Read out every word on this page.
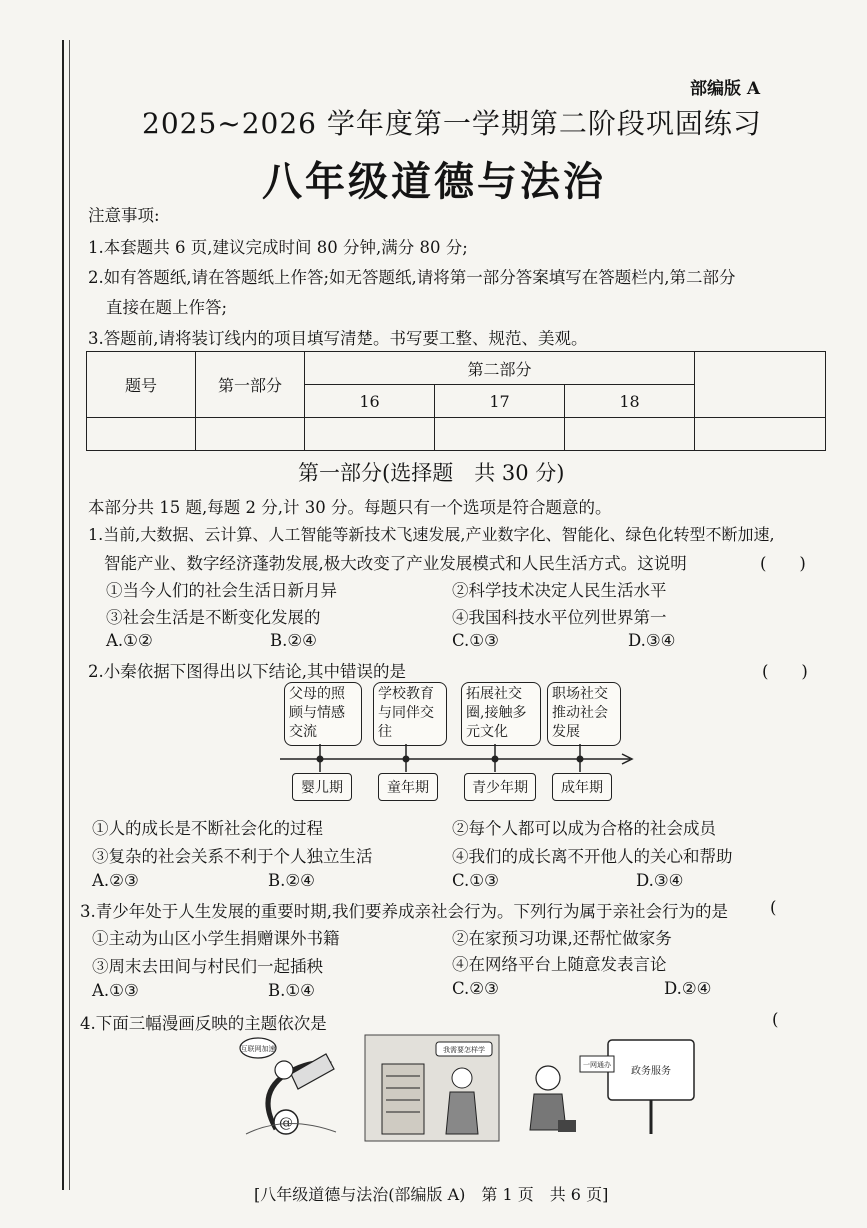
部编版 A
2025~2026 学年度第一学期第二阶段巩固练习
八年级道德与法治
注意事项:
1.本套题共 6 页,建议完成时间 80 分钟,满分 80 分;
2.如有答题纸,请在答题纸上作答;如无答题纸,请将第一部分答案填写在答题栏内,第二部分
直接在题上作答;
3.答题前,请将装订线内的项目填写清楚。书写要工整、规范、美观。
题号	第一部分	第二部分			
		16	17	18	

第一部分(选择题　共 30 分)
本部分共 15 题,每题 2 分,计 30 分。每题只有一个选项是符合题意的。
1.当前,大数据、云计算、人工智能等新技术飞速发展,产业数字化、智能化、绿色化转型不断加速,
智能产业、数字经济蓬勃发展,极大改变了产业发展模式和人民生活方式。这说明	(　　)
①当今人们的社会生活日新月异	②科学技术决定人民生活水平
③社会生活是不断变化发展的	④我国科技水平位列世界第一
A.①②	B.②④	C.①③	D.③④
2.小秦依据下图得出以下结论,其中错误的是	(　　)
父母的照顾与情感交流
学校教育与同伴交往
拓展社交圈,接触多元文化
职场社交推动社会发展
婴儿期	童年期	青少年期	成年期
①人的成长是不断社会化的过程	②每个人都可以成为合格的社会成员
③复杂的社会关系不利于个人独立生活	④我们的成长离不开他人的关心和帮助
A.②③	B.②④	C.①③	D.③④
3.青少年处于人生发展的重要时期,我们要养成亲社会行为。下列行为属于亲社会行为的是	(
①主动为山区小学生捐赠课外书籍	②在家预习功课,还帮忙做家务
③周末去田间与村民们一起插秧	④在网络平台上随意发表言论
A.①③	B.①④	C.②③	D.②④
4.下面三幅漫画反映的主题依次是	(
互联网加速
@
我需要怎样学
政务服务
一网通办
[八年级道德与法治(部编版 A)　第 1 页　共 6 页]
